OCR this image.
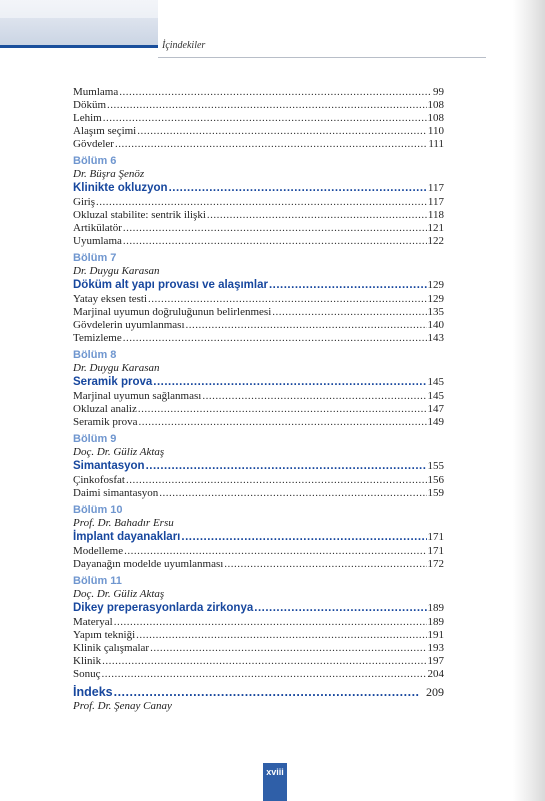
İçindekiler
Mumlama .....	99
Döküm .....	108
Lehim .....	108
Alaşım seçimi .....	110
Gövdeler .....	111
Bölüm 6
Dr. Büşra Şenöz
Klinikte okluzyon .....	117
Giriş .....	117
Okluzal stabilite: sentrik ilişki .....	118
Artikülatör .....	121
Uyumlama .....	122
Bölüm 7
Dr. Duygu Karasan
Döküm alt yapı provası ve alaşımlar .....	129
Yatay eksen testi .....	129
Marjinal uyumun doğruluğunun belirlenmesi .....	135
Gövdelerin uyumlanması .....	140
Temizleme .....	143
Bölüm 8
Dr. Duygu Karasan
Seramik prova .....	145
Marjinal uyumun sağlanması .....	145
Okluzal analiz .....	147
Seramik prova .....	149
Bölüm 9
Doç. Dr. Güliz Aktaş
Simantasyon .....	155
Çinkofosfat .....	156
Daimi simantasyon .....	159
Bölüm 10
Prof. Dr. Bahadır Ersu
İmplant dayanakları .....	171
Modelleme .....	171
Dayanağın modelde uyumlanması .....	172
Bölüm 11
Doç. Dr. Güliz Aktaş
Dikey preperasyonlarda zirkonya .....	189
Materyal .....	189
Yapım tekniği .....	191
Klinik çalışmalar .....	193
Klinik .....	197
Sonuç .....	204
İndeks .....	209
Prof. Dr. Şenay Canay
xviii
